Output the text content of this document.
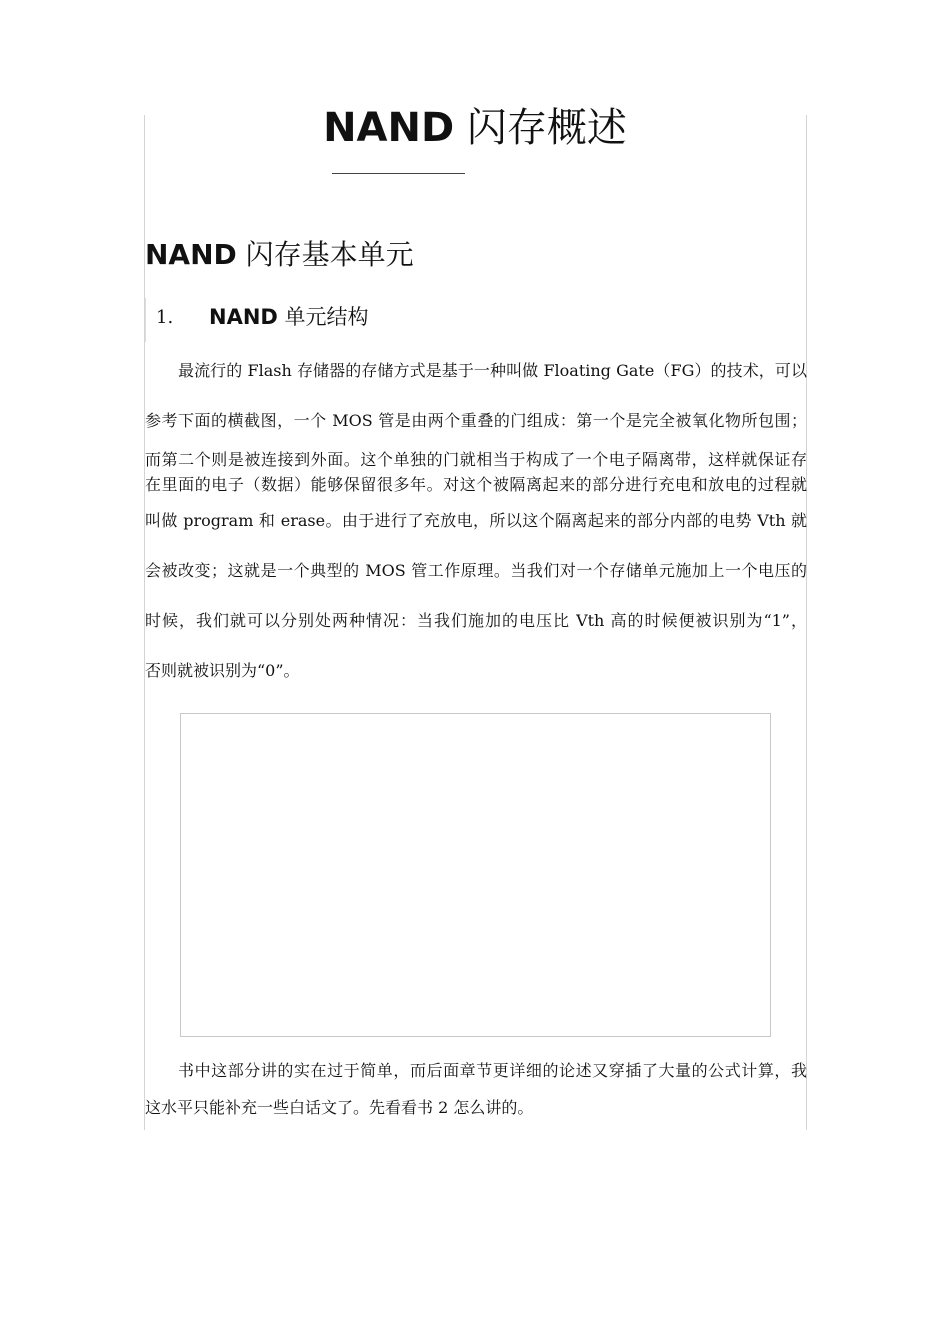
NAND 闪存概述
NAND 闪存基本单元
1. NAND 单元结构
最流行的 Flash 存储器的存储方式是基于一种叫做 Floating Gate（FG）的技术，可以
参考下面的横截图，一个 MOS 管是由两个重叠的门组成：第一个是完全被氧化物所包围；
而第二个则是被连接到外面。这个单独的门就相当于构成了一个电子隔离带，这样就保证存
在里面的电子（数据）能够保留很多年。对这个被隔离起来的部分进行充电和放电的过程就
叫做 program 和 erase。由于进行了充放电，所以这个隔离起来的部分内部的电势 Vth 就
会被改变；这就是一个典型的 MOS 管工作原理。当我们对一个存储单元施加上一个电压的
时候，我们就可以分别处两种情况：当我们施加的电压比 Vth 高的时候便被识别为“1”，
否则就被识别为“0”。
书中这部分讲的实在过于简单，而后面章节更详细的论述又穿插了大量的公式计算，我
这水平只能补充一些白话文了。先看看书 2 怎么讲的。
